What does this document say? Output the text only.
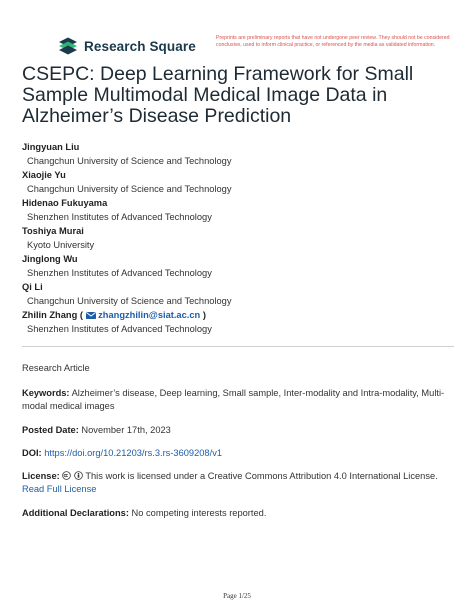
Research Square
Preprints are preliminary reports that have not undergone peer review. They should not be considered conclusive, used to inform clinical practice, or referenced by the media as validated information.
CSEPC: Deep Learning Framework for Small Sample Multimodal Medical Image Data in Alzheimer’s Disease Prediction
Jingyuan Liu
Changchun University of Science and Technology
Xiaojie Yu
Changchun University of Science and Technology
Hidenao Fukuyama
Shenzhen Institutes of Advanced Technology
Toshiya Murai
Kyoto University
Jinglong Wu
Shenzhen Institutes of Advanced Technology
Qi Li
Changchun University of Science and Technology
Zhilin Zhang ( zhangzhilin@siat.ac.cn )
Shenzhen Institutes of Advanced Technology
Research Article
Keywords: Alzheimer’s disease, Deep learning, Small sample, Inter-modality and Intra-modality, Multi-modal medical images
Posted Date: November 17th, 2023
DOI: https://doi.org/10.21203/rs.3.rs-3609208/v1
License:	This work is licensed under a Creative Commons Attribution 4.0 International License.
Read Full License
Additional Declarations: No competing interests reported.
Page 1/25
